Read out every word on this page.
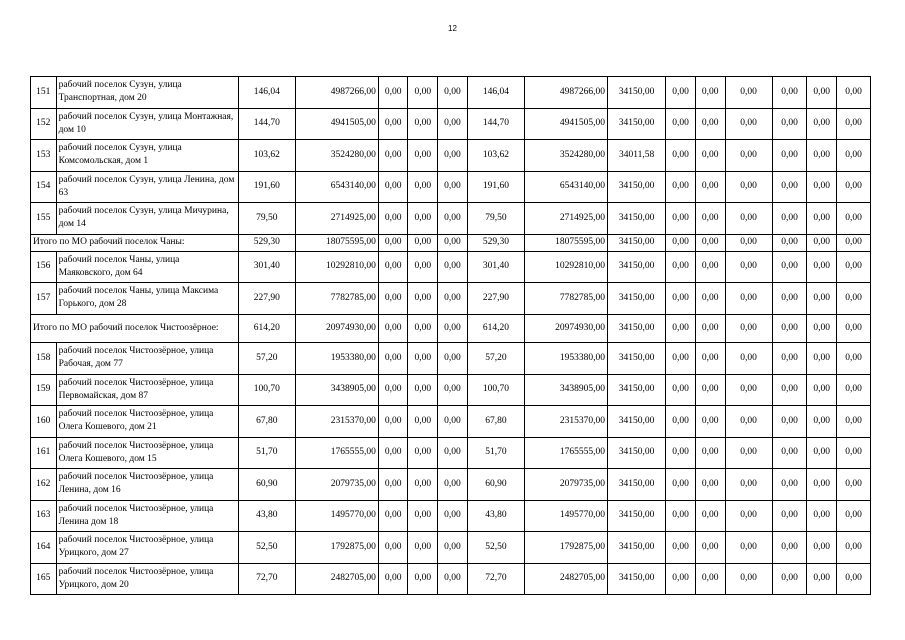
12
151	рабочий поселок Сузун, улица Транспортная, дом 20	146,04	4987266,00	0,00	0,00	0,00	146,04	4987266,00	34150,00	0,00	0,00	0,00	0,00	0,00	0,00
152	рабочий поселок Сузун, улица Монтажная, дом 10	144,70	4941505,00	0,00	0,00	0,00	144,70	4941505,00	34150,00	0,00	0,00	0,00	0,00	0,00	0,00
153	рабочий поселок Сузун, улица Комсомольская, дом 1	103,62	3524280,00	0,00	0,00	0,00	103,62	3524280,00	34011,58	0,00	0,00	0,00	0,00	0,00	0,00
154	рабочий поселок Сузун, улица Ленина, дом 63	191,60	6543140,00	0,00	0,00	0,00	191,60	6543140,00	34150,00	0,00	0,00	0,00	0,00	0,00	0,00
155	рабочий поселок Сузун, улица Мичурина, дом 14	79,50	2714925,00	0,00	0,00	0,00	79,50	2714925,00	34150,00	0,00	0,00	0,00	0,00	0,00	0,00
Итого по МО рабочий поселок Чаны:		529,30	18075595,00	0,00	0,00	0,00	529,30	18075595,00	34150,00	0,00	0,00	0,00	0,00	0,00	0,00
156	рабочий поселок Чаны, улица Маяковского, дом 64	301,40	10292810,00	0,00	0,00	0,00	301,40	10292810,00	34150,00	0,00	0,00	0,00	0,00	0,00	0,00
157	рабочий поселок Чаны, улица Максима Горького, дом 28	227,90	7782785,00	0,00	0,00	0,00	227,90	7782785,00	34150,00	0,00	0,00	0,00	0,00	0,00	0,00
Итого по МО рабочий поселок Чистоозёрное:		614,20	20974930,00	0,00	0,00	0,00	614,20	20974930,00	34150,00	0,00	0,00	0,00	0,00	0,00	0,00
158	рабочий поселок Чистоозёрное, улица Рабочая, дом 77	57,20	1953380,00	0,00	0,00	0,00	57,20	1953380,00	34150,00	0,00	0,00	0,00	0,00	0,00	0,00
159	рабочий поселок Чистоозёрное, улица Первомайская, дом 87	100,70	3438905,00	0,00	0,00	0,00	100,70	3438905,00	34150,00	0,00	0,00	0,00	0,00	0,00	0,00
160	рабочий поселок Чистоозёрное, улица Олега Кошевого, дом 21	67,80	2315370,00	0,00	0,00	0,00	67,80	2315370,00	34150,00	0,00	0,00	0,00	0,00	0,00	0,00
161	рабочий поселок Чистоозёрное, улица Олега Кошевого, дом 15	51,70	1765555,00	0,00	0,00	0,00	51,70	1765555,00	34150,00	0,00	0,00	0,00	0,00	0,00	0,00
162	рабочий поселок Чистоозёрное, улица Ленина, дом 16	60,90	2079735,00	0,00	0,00	0,00	60,90	2079735,00	34150,00	0,00	0,00	0,00	0,00	0,00	0,00
163	рабочий поселок Чистоозёрное, улица Ленина дом 18	43,80	1495770,00	0,00	0,00	0,00	43,80	1495770,00	34150,00	0,00	0,00	0,00	0,00	0,00	0,00
164	рабочий поселок Чистоозёрное, улица Урицкого, дом 27	52,50	1792875,00	0,00	0,00	0,00	52,50	1792875,00	34150,00	0,00	0,00	0,00	0,00	0,00	0,00
165	рабочий поселок Чистоозёрное, улица Урицкого, дом 20	72,70	2482705,00	0,00	0,00	0,00	72,70	2482705,00	34150,00	0,00	0,00	0,00	0,00	0,00	0,00
